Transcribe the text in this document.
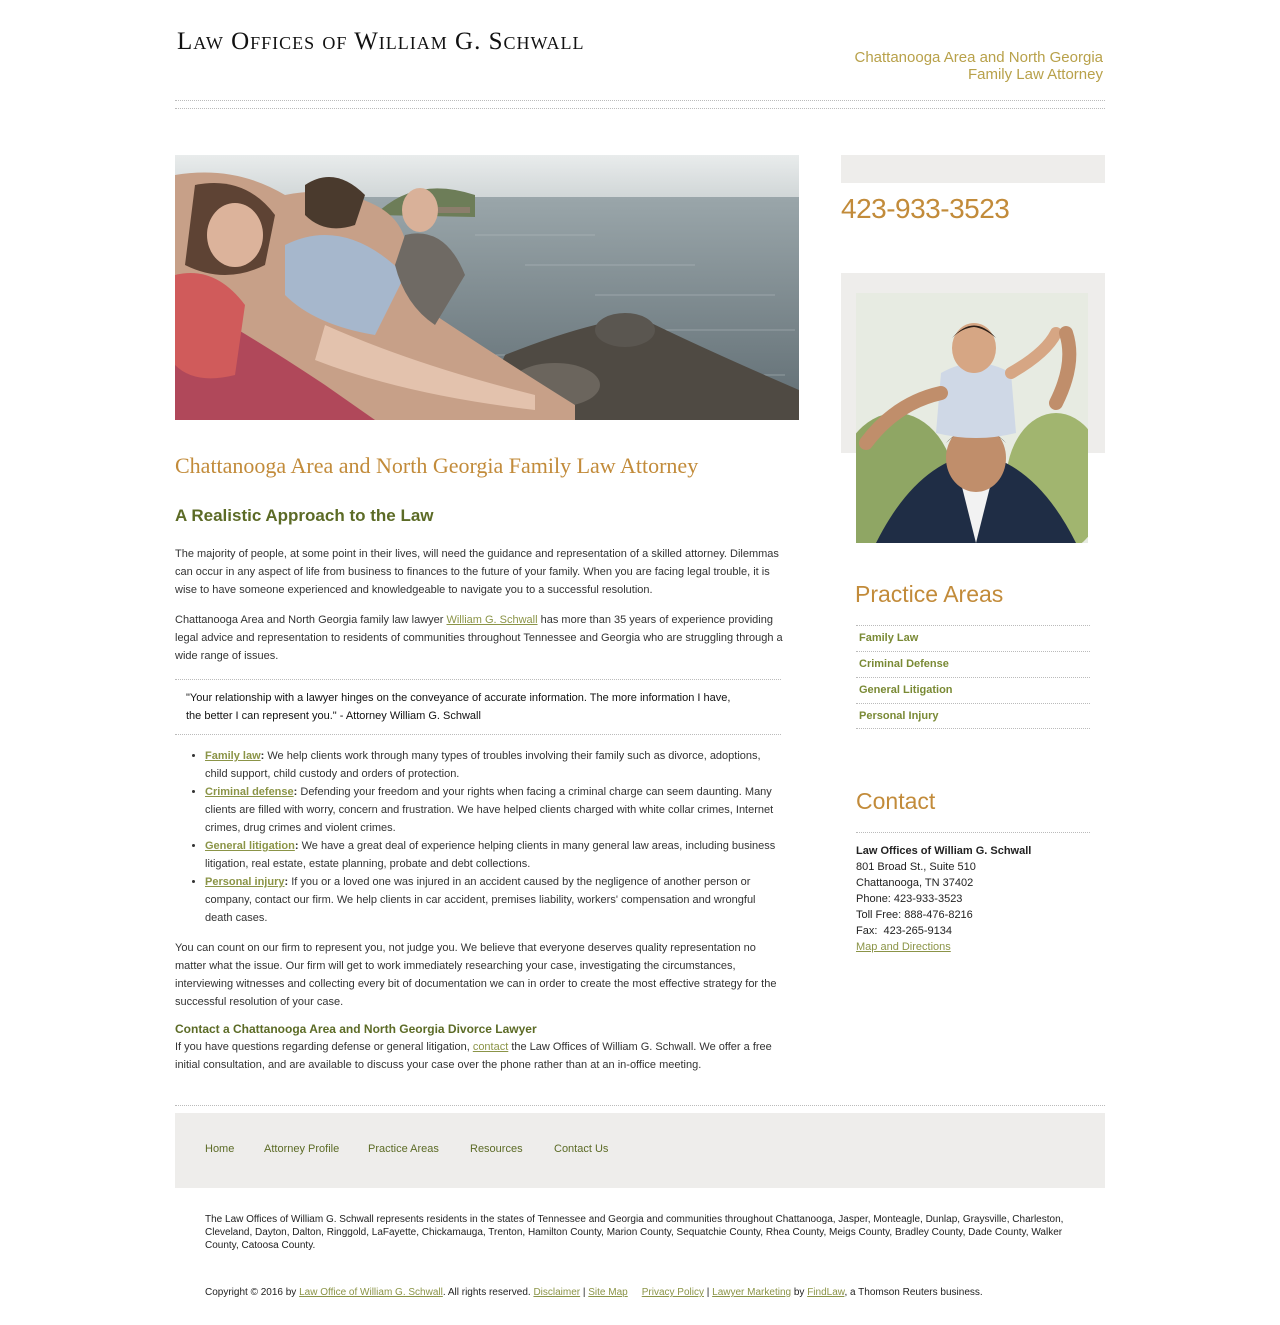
Law Offices of William G. Schwall
Chattanooga Area and North Georgia
Family Law Attorney
Chattanooga Area and North Georgia Family Law Attorney
A Realistic Approach to the Law

The majority of people, at some point in their lives, will need the guidance and representation of a skilled attorney. Dilemmas can occur in any aspect of life from business to finances to the future of your family. When you are facing legal trouble, it is wise to have someone experienced and knowledgeable to navigate you to a successful resolution.

Chattanooga Area and North Georgia family law lawyer William G. Schwall has more than 35 years of experience providing legal advice and representation to residents of communities throughout Tennessee and Georgia who are struggling through a wide range of issues.

"Your relationship with a lawyer hinges on the conveyance of accurate information. The more information I have, the better I can represent you." - Attorney William G. Schwall
• Family law: We help clients work through many types of troubles involving their family such as divorce, adoptions, child support, child custody and orders of protection.
• Criminal defense: Defending your freedom and your rights when facing a criminal charge can seem daunting. Many clients are filled with worry, concern and frustration. We have helped clients charged with white collar crimes, Internet crimes, drug crimes and violent crimes.
• General litigation: We have a great deal of experience helping clients in many general law areas, including business litigation, real estate, estate planning, probate and debt collections.
• Personal injury: If you or a loved one was injured in an accident caused by the negligence of another person or company, contact our firm. We help clients in car accident, premises liability, workers' compensation and wrongful death cases.

You can count on our firm to represent you, not judge you. We believe that everyone deserves quality representation no matter what the issue. Our firm will get to work immediately researching your case, investigating the circumstances, interviewing witnesses and collecting every bit of documentation we can in order to create the most effective strategy for the successful resolution of your case.

Contact a Chattanooga Area and North Georgia Divorce Lawyer

If you have questions regarding defense or general litigation, contact the Law Offices of William G. Schwall. We offer a free initial consultation, and are available to discuss your case over the phone rather than at an in-office meeting.

423-933-3523
Practice Areas
Family Law
Criminal Defense
General Litigation
Personal Injury
Contact
Law Offices of William G. Schwall
801 Broad St., Suite 510
Chattanooga, TN 37402
Phone: 423-933-3523
Toll Free: 888-476-8216
Fax:  423-265-9134
Map and Directions
Home	Attorney Profile	Practice Areas	Resources	Contact Us
The Law Offices of William G. Schwall represents residents in the states of Tennessee and Georgia and communities throughout Chattanooga, Jasper, Monteagle, Dunlap, Graysville, Charleston, Cleveland, Dayton, Dalton, Ringgold, LaFayette, Chickamauga, Trenton, Hamilton County, Marion County, Sequatchie County, Rhea County, Meigs County, Bradley County, Dade County, Walker County, Catoosa County.
Copyright © 2016 by Law Office of William G. Schwall. All rights reserved. Disclaimer | Site Map Privacy Policy | Lawyer Marketing by FindLaw, a Thomson Reuters business.
